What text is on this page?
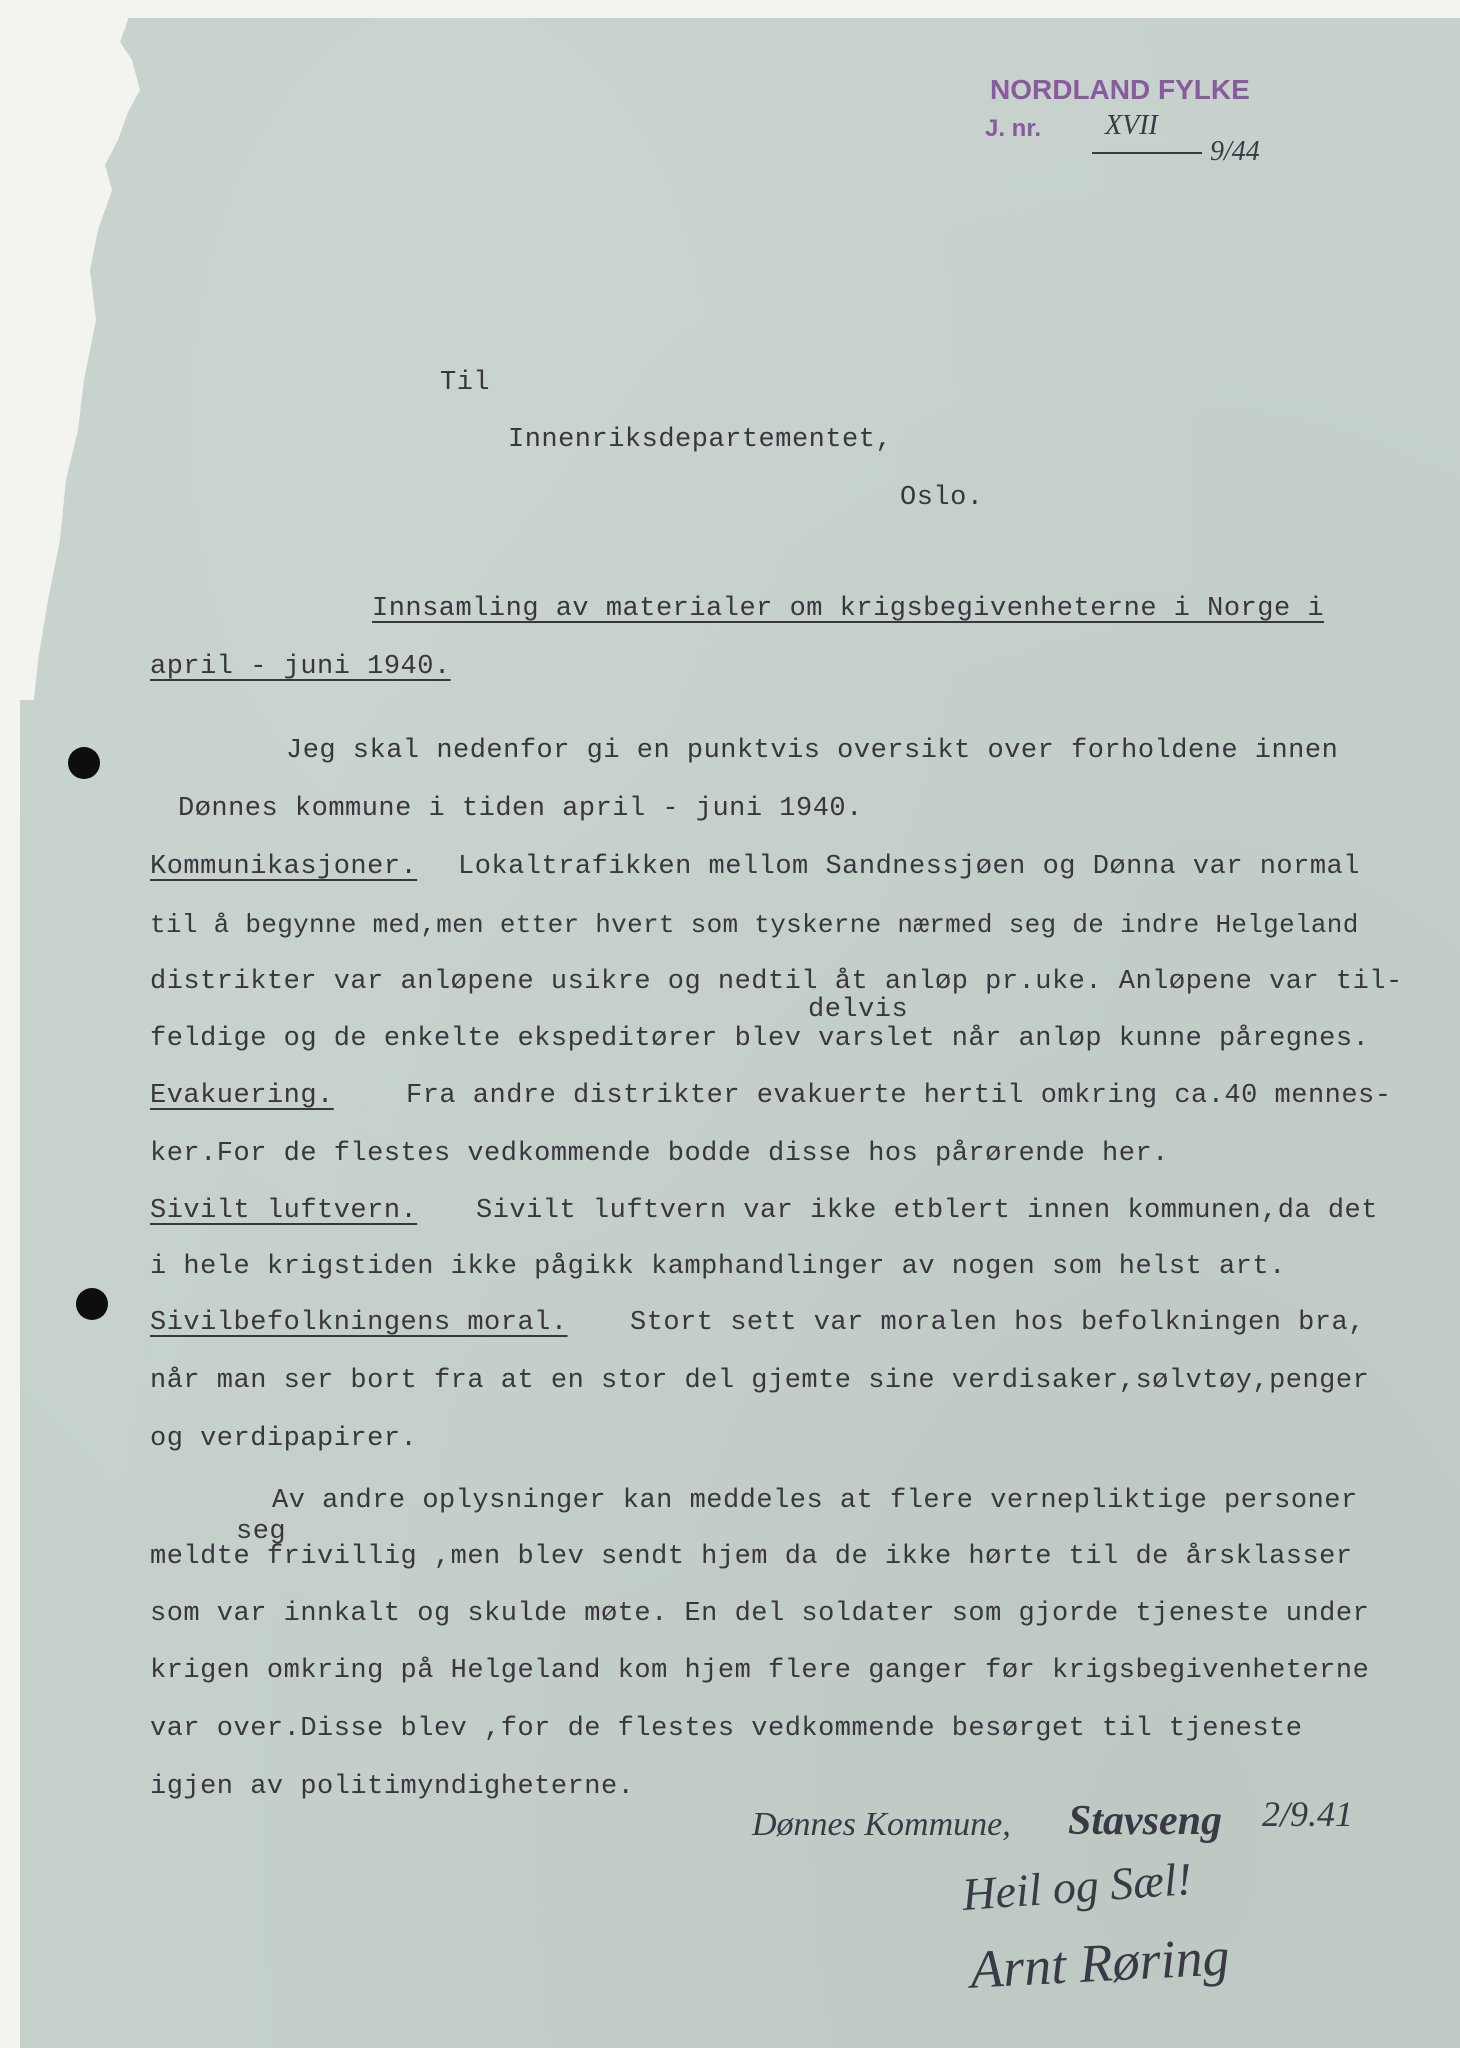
NORDLAND FYLKE
J. nr. XVII
9/44
Til
Innenriksdepartementet,
Oslo.
Innsamling av materialer om krigsbegivenheterne i Norge i
april - juni 1940.
Jeg skal nedenfor gi en punktvis oversikt over forholdene innen
Dønnes kommune i tiden april - juni 1940.
Kommunikasjoner. Lokaltrafikken mellom Sandnessjøen og Dønna var normal
til å begynne med,men etter hvert som tyskerne nærmed seg de indre Helgeland
distrikter var anløpene usikre og nedtil åt anløp pr.uke. Anløpene var til-
delvis
feldige og de enkelte ekspeditører blev varslet når anløp kunne påregnes.
Evakuering.	Fra andre distrikter evakuerte hertil omkring ca.40 mennes-
ker.For de flestes vedkommende bodde disse hos pårørende her.
Sivilt luftvern. Sivilt luftvern var ikke etblert innen kommunen,da det
i hele krigstiden ikke pågikk kamphandlinger av nogen som helst art.
Sivilbefolkningens moral. Stort sett var moralen hos befolkningen bra,
når man ser bort fra at en stor del gjemte sine verdisaker,sølvtøy,penger
og verdipapirer.
Av andre oplysninger kan meddeles at flere vernepliktige personer
seg
meldte frivillig ,men blev sendt hjem da de ikke hørte til de årsklasser
som var innkalt og skulde møte. En del soldater som gjorde tjeneste under
krigen omkring på Helgeland kom hjem flere ganger før krigsbegivenheterne
var over.Disse blev ,for de flestes vedkommende besørget til tjeneste
igjen av politimyndigheterne.
Dønnes Kommune, Stavseng 2/9.41
Heil og Sæl!
Arnt Røring
